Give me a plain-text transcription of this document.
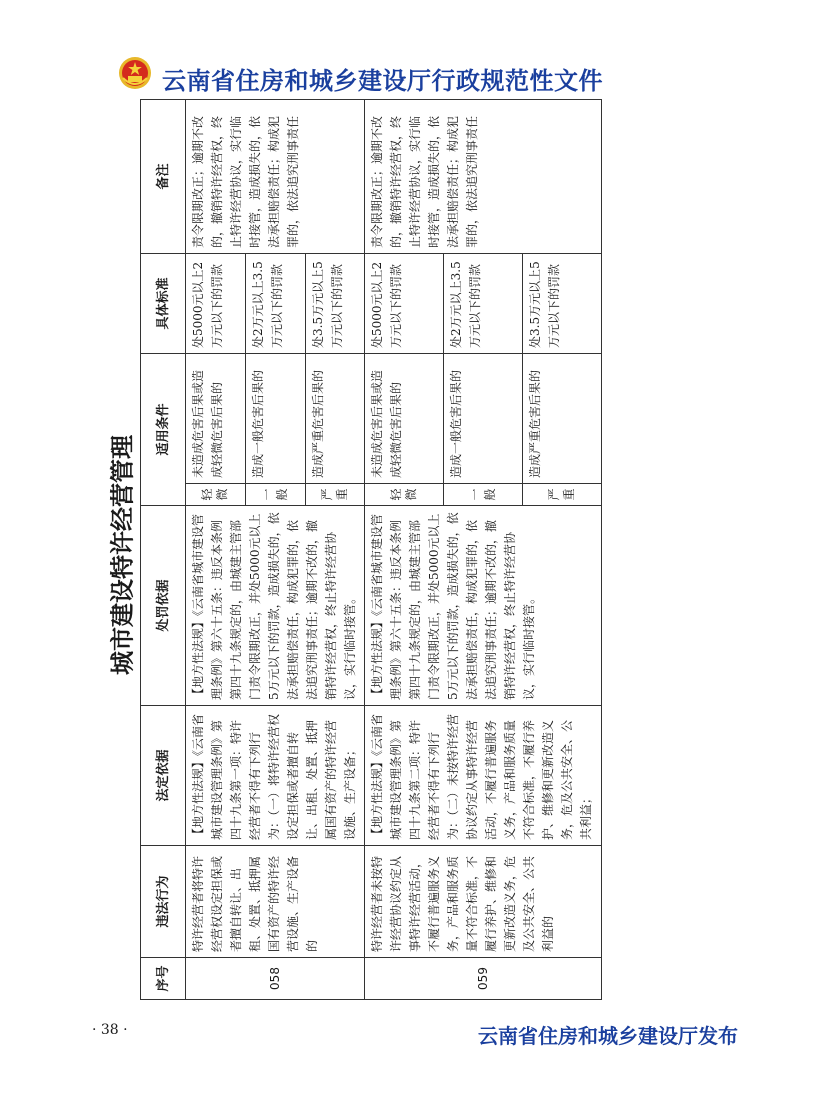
云南省住房和城乡建设厅行政规范性文件
城市建设特许经营管理
序号	违法行为	法定依据	处罚依据	适用条件		具体标准	备注
058	特许经营者将特许经营权设定担保或者擅自转让、出租、处置、抵押属国有资产的特许经营设施、生产设备的	【地方性法规】《云南省城市建设管理条例》第四十九条第一项：特许经营者不得有下列行为：（一）将特许经营权设定担保或者擅自转让、出租、处置、抵押属国有资产的特许经营设施、生产设备；	【地方性法规】《云南省城市建设管理条例》第六十五条：违反本条例第四十九条规定的，由城建主管部门责令限期改正，并处5000元以上5万元以下的罚款，造成损失的，依法承担赔偿责任，构成犯罪的，依法追究刑事责任；逾期不改的，撤销特许经营权，终止特许经营协议，实行临时接管。	轻微	未造成危害后果或造成轻微危害后果的	处5000元以上2万元以下的罚款	责令限期改正；逾期不改的，撤销特许经营权，终止特许经营协议，实行临时接管，造成损失的，依法承担赔偿责任；构成犯罪的，依法追究刑事责任
				一般	造成一般危害后果的	处2万元以上3.5万元以下的罚款	
				严重	造成严重危害后果的	处3.5万元以上5万元以下的罚款	
059	特许经营者未按特许经营协议约定从事特许经营活动，不履行普遍服务义务，产品和服务质量不符合标准，不履行养护、维修和更新改造义务，危及公共安全、公共利益的	【地方性法规】《云南省城市建设管理条例》第四十九条第二项：特许经营者不得有下列行为：（二）未按特许经营协议约定从事特许经营活动，不履行普遍服务义务，产品和服务质量不符合标准，不履行养护、维修和更新改造义务，危及公共安全、公共利益；	【地方性法规】《云南省城市建设管理条例》第六十五条：违反本条例第四十九条规定的，由城建主管部门责令限期改正，并处5000元以上5万元以下的罚款，造成损失的，依法承担赔偿责任，构成犯罪的，依法追究刑事责任；逾期不改的，撤销特许经营权，终止特许经营协议，实行临时接管。	轻微	未造成危害后果或造成轻微危害后果的	处5000元以上2万元以下的罚款	责令限期改正；逾期不改的，撤销特许经营权，终止特许经营协议，实行临时接管，造成损失的，依法承担赔偿责任；构成犯罪的，依法追究刑事责任
				一般	造成一般危害后果的	处2万元以上3.5万元以下的罚款	
				严重	造成严重危害后果的	处3.5万元以上5万元以下的罚款	
· 38 ·	云南省住房和城乡建设厅发布
